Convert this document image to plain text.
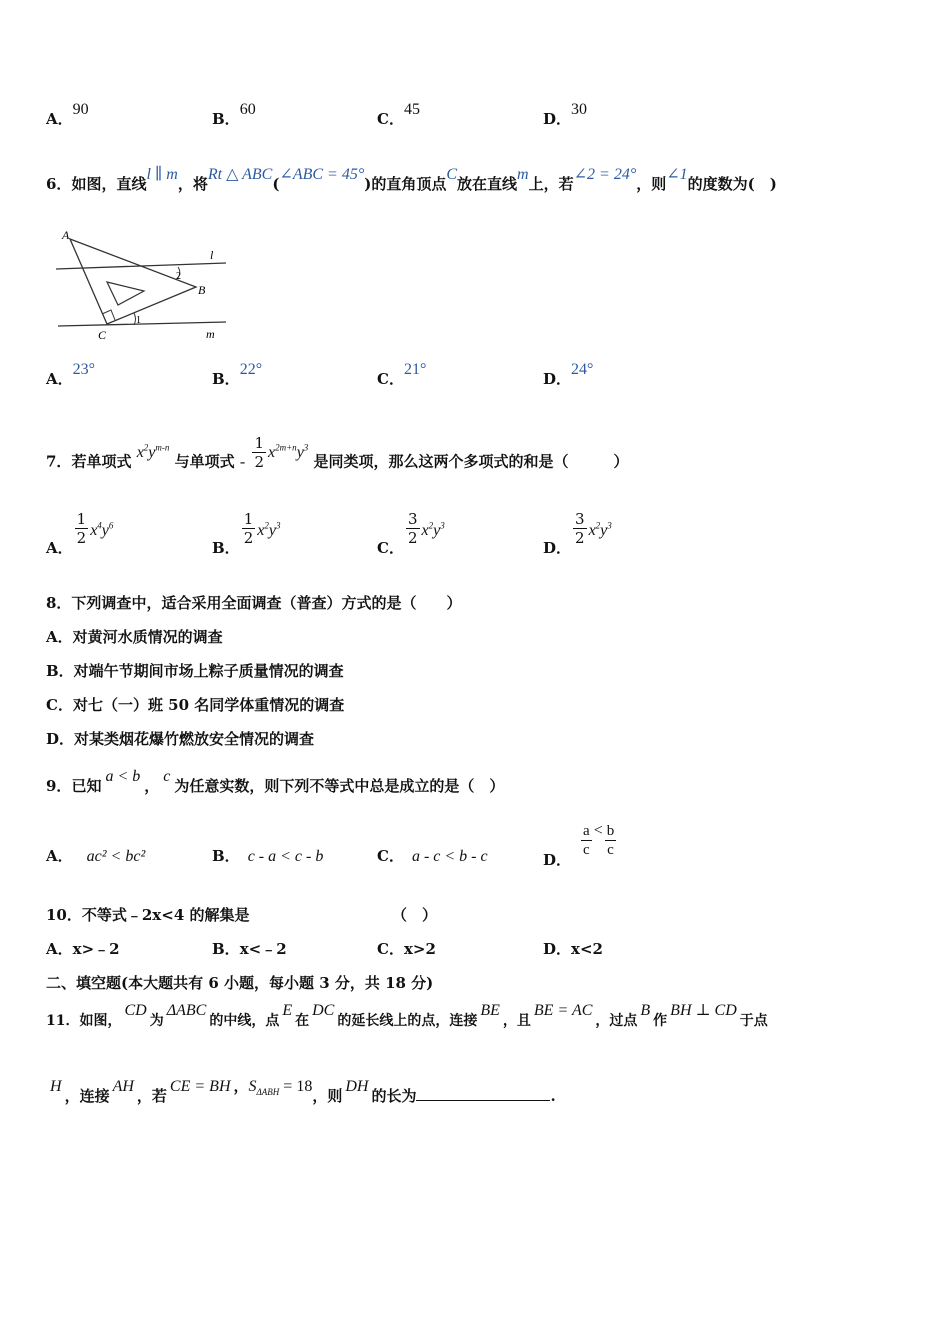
A．90
B．60
C．45
D．30
6．如图，直线l ∥ m，将Rt △ ABC(∠ABC = 45°)的直角顶点C放在直线m上，若∠2 = 24°，则∠1的度数为(　)
A
B
C
l
m
2
1
A．23°
B．22°
C．21°
D．24°
7．若单项式 $x^2y^{m-n}$ 与单项式 - $\frac{1}{2} x^{2m+n}y^3$ 是同类项，那么这两个多项式的和是（　　　）
A．
$\frac{1}{2} x^4y^6$
B．
$\frac{1}{2} x^2y^3$
C．
$\frac{3}{2} x^2y^3$
D．
$\frac{3}{2} x^2y^3$
8．下列调查中，适合采用全面调查（普查）方式的是（　　）
A．对黄河水质情况的调查
B．对端午节期间市场上粽子质量情况的调查
C．对七（一）班 50 名同学体重情况的调查
D．对某类烟花爆竹燃放安全情况的调查
9．已知a < b，c为任意实数，则下列不等式中总是成立的是（　）
A． ac² < bc²	B． c - a < c - b	C． a - c < b - c	D．
$\frac{a}{c} < \frac{b}{c}$
10．不等式﹣2x<4 的解集是　　　　　　　　　　（　）
A．x>﹣2	B．x<﹣2	C．x>2	D．x<2
二、填空题(本大题共有 6 小题，每小题 3 分，共 18 分)
11．如图，CD为ΔABC的中线，点E在DC的延长线上的点，连接BE，且BE = AC，过点B作BH ⊥ CD于点
H，连接AH，若CE = BH ，$S_{\Delta ABH} = 18$，则DH的长为	.
